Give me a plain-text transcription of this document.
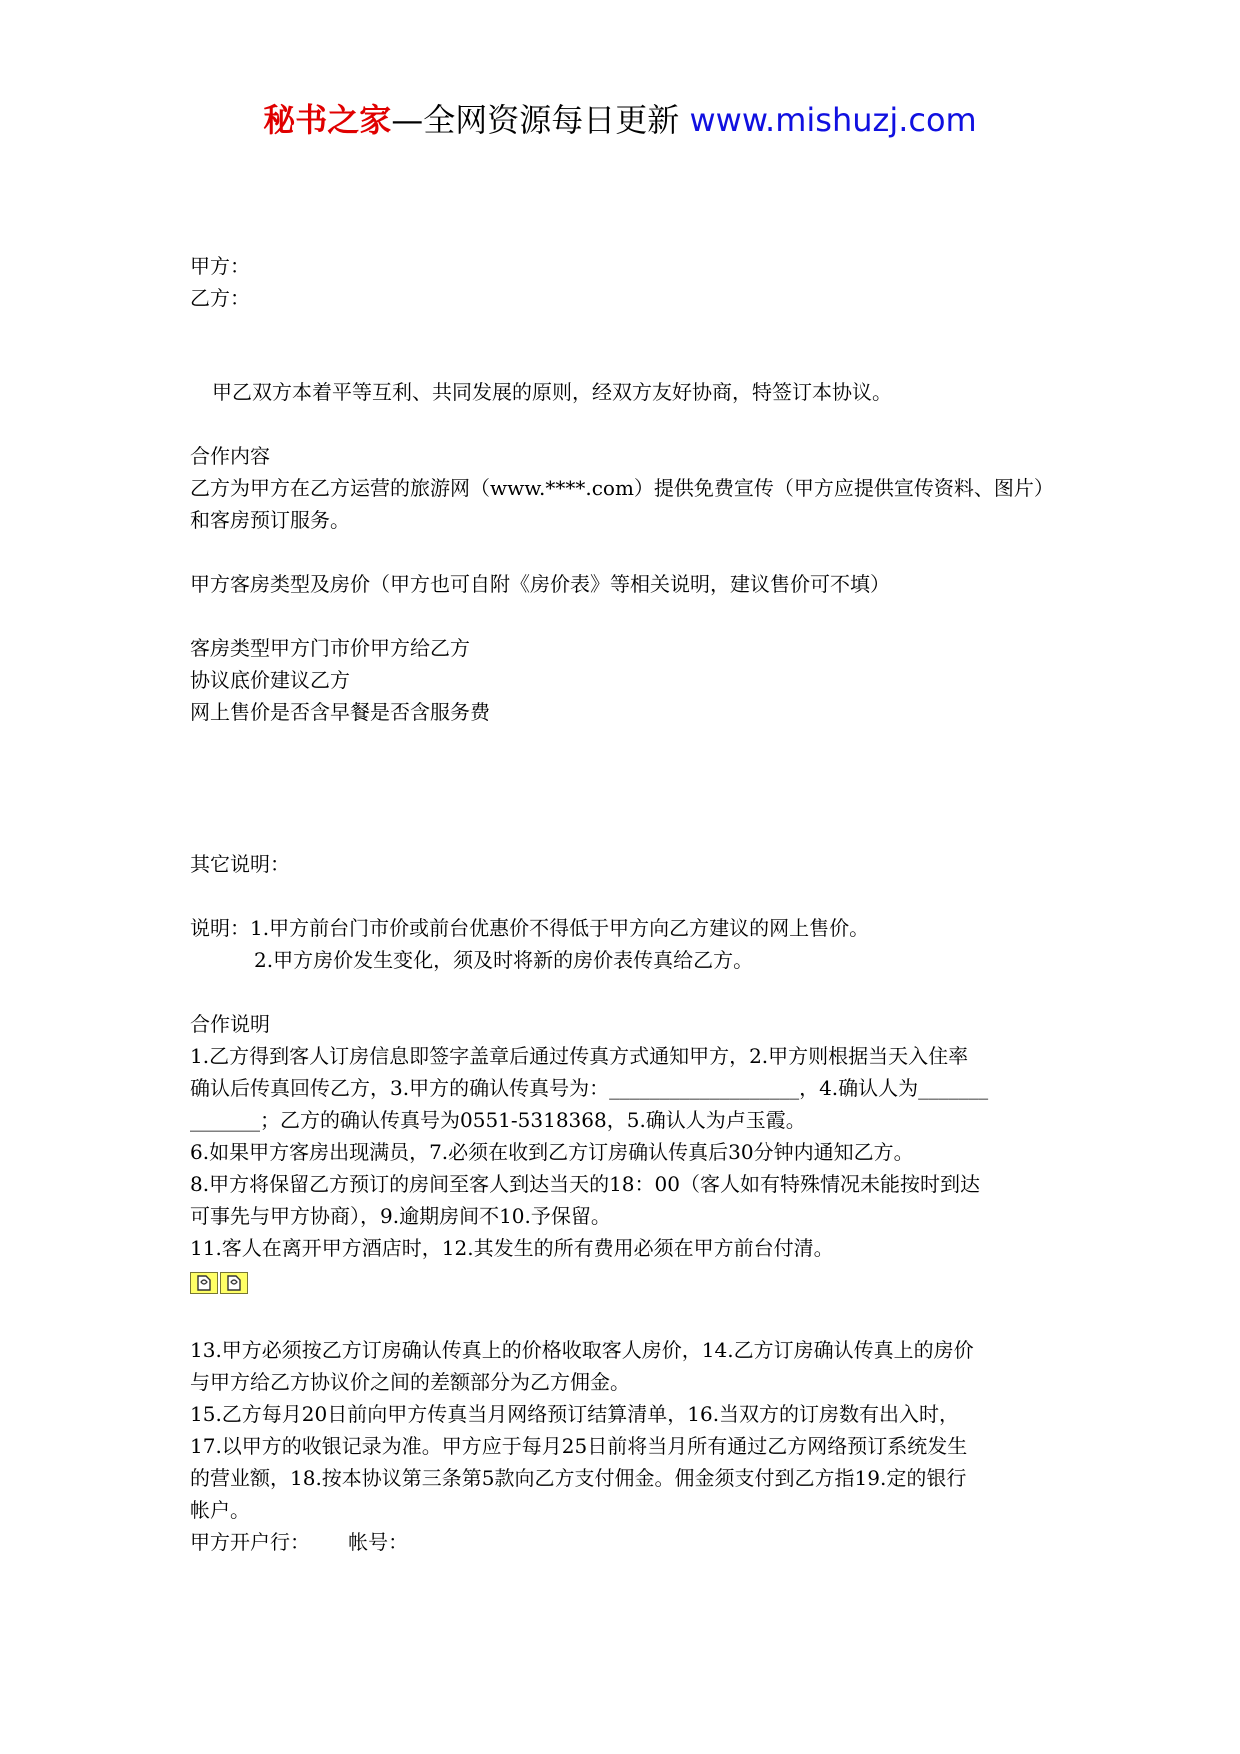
秘书之家—全网资源每日更新 www.mishuzj.com
甲方：
乙方：
甲乙双方本着平等互利、共同发展的原则，经双方友好协商，特签订本协议。
合作内容
乙方为甲方在乙方运营的旅游网（www.****.com）提供免费宣传（甲方应提供宣传资料、图片）和客房预订服务。
甲方客房类型及房价（甲方也可自附《房价表》等相关说明，建议售价可不填）
客房类型甲方门市价甲方给乙方
协议底价建议乙方
网上售价是否含早餐是否含服务费
其它说明：
说明：1.甲方前台门市价或前台优惠价不得低于甲方向乙方建议的网上售价。
2.甲方房价发生变化，须及时将新的房价表传真给乙方。
合作说明
1.乙方得到客人订房信息即签字盖章后通过传真方式通知甲方，2.甲方则根据当天入住率
确认后传真回传乙方，3.甲方的确认传真号为：___________________，4.确认人为_______
_______；乙方的确认传真号为0551-5318368，5.确认人为卢玉霞。
6.如果甲方客房出现满员，7.必须在收到乙方订房确认传真后30分钟内通知乙方。
8.甲方将保留乙方预订的房间至客人到达当天的18：00（客人如有特殊情况未能按时到达
可事先与甲方协商），9.逾期房间不10.予保留。
11.客人在离开甲方酒店时，12.其发生的所有费用必须在甲方前台付清。
13.甲方必须按乙方订房确认传真上的价格收取客人房价，14.乙方订房确认传真上的房价
与甲方给乙方协议价之间的差额部分为乙方佣金。
15.乙方每月20日前向甲方传真当月网络预订结算清单，16.当双方的订房数有出入时，
17.以甲方的收银记录为准。甲方应于每月25日前将当月所有通过乙方网络预订系统发生
的营业额，18.按本协议第三条第5款向乙方支付佣金。佣金须支付到乙方指19.定的银行
帐户。
甲方开户行：      帐号：
